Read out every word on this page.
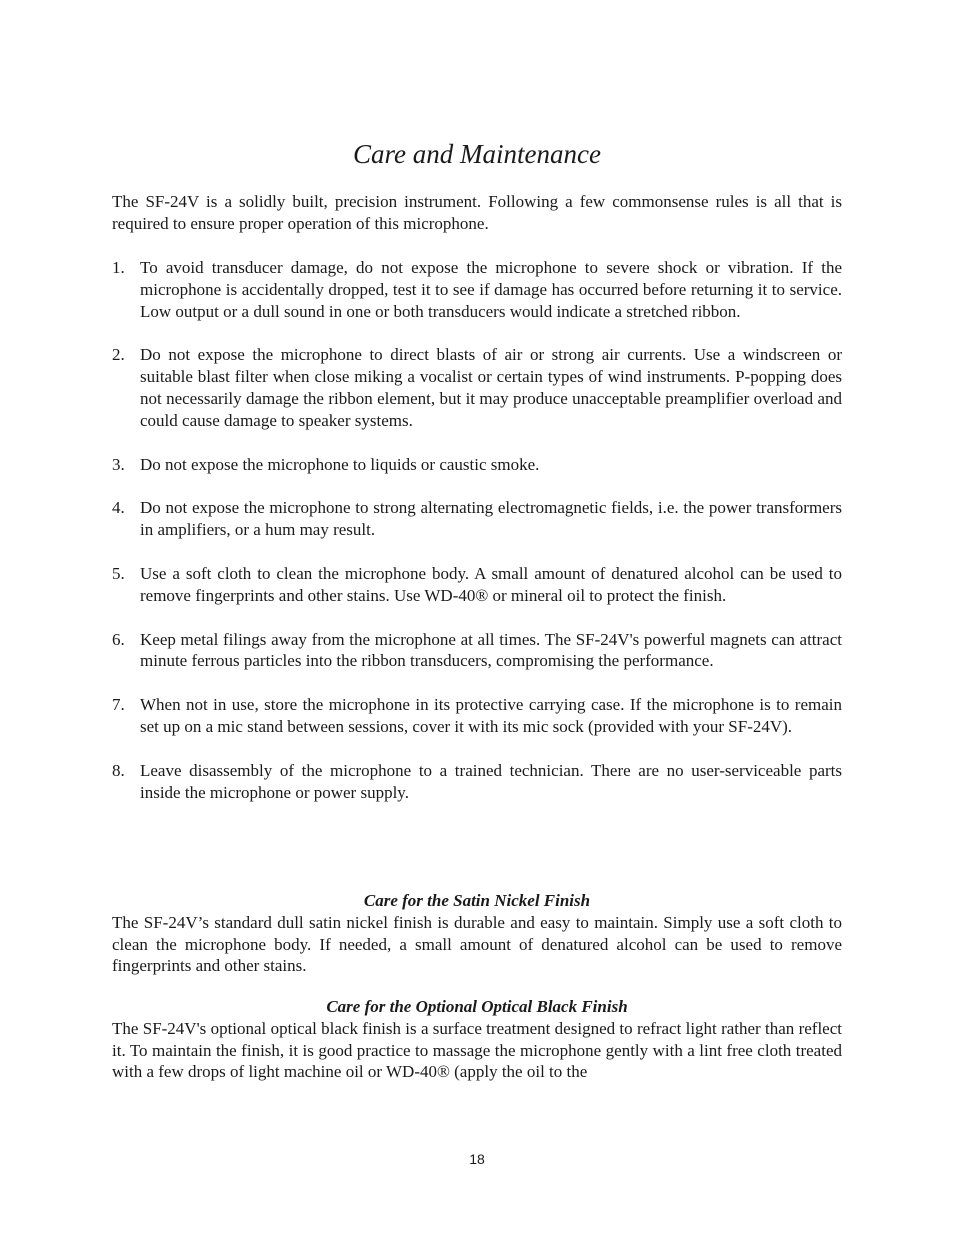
Care and Maintenance

The SF-24V is a solidly built, precision instrument. Following a few commonsense rules is all that is required to ensure proper operation of this microphone.

1. To avoid transducer damage, do not expose the microphone to severe shock or vibration. If the microphone is accidentally dropped, test it to see if damage has occurred before returning it to service. Low output or a dull sound in one or both transducers would indicate a stretched ribbon.

2. Do not expose the microphone to direct blasts of air or strong air currents. Use a windscreen or suitable blast filter when close miking a vocalist or certain types of wind instruments. P-popping does not necessarily damage the ribbon element, but it may produce unacceptable preamplifier overload and could cause damage to speaker systems.

3. Do not expose the microphone to liquids or caustic smoke.

4. Do not expose the microphone to strong alternating electromagnetic fields, i.e. the power transformers in amplifiers, or a hum may result.

5. Use a soft cloth to clean the microphone body. A small amount of denatured alcohol can be used to remove fingerprints and other stains. Use WD-40® or mineral oil to protect the finish.

6. Keep metal filings away from the microphone at all times. The SF-24V's powerful magnets can attract minute ferrous particles into the ribbon transducers, compromising the performance.

7. When not in use, store the microphone in its protective carrying case. If the microphone is to remain set up on a mic stand between sessions, cover it with its mic sock (provided with your SF-24V).

8. Leave disassembly of the microphone to a trained technician. There are no user-serviceable parts inside the microphone or power supply.

Care for the Satin Nickel Finish

The SF-24V’s standard dull satin nickel finish is durable and easy to maintain. Simply use a soft cloth to clean the microphone body. If needed, a small amount of denatured alcohol can be used to remove fingerprints and other stains.

Care for the Optional Optical Black Finish

The SF-24V's optional optical black finish is a surface treatment designed to refract light rather than reflect it. To maintain the finish, it is good practice to massage the microphone gently with a lint free cloth treated with a few drops of light machine oil or WD-40® (apply the oil to the

18
